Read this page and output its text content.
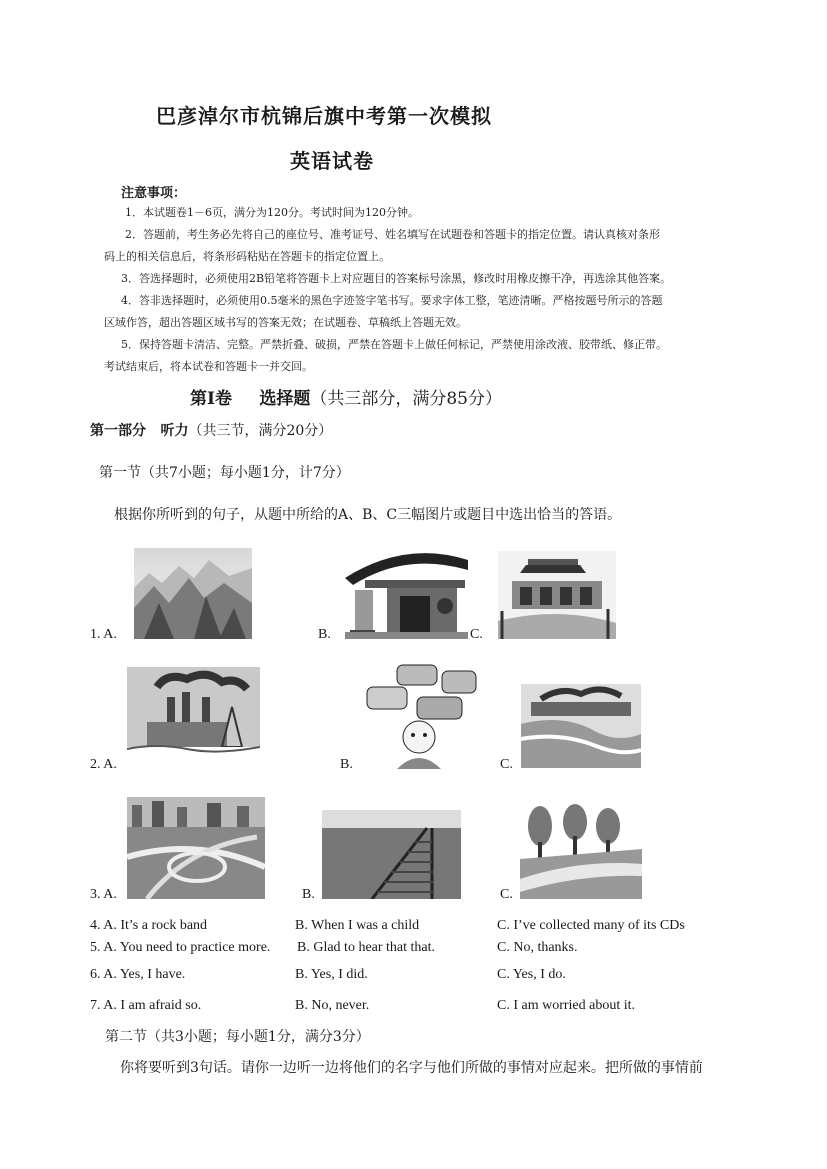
巴彦淖尔市杭锦后旗中考第一次模拟
英语试卷
注意事项：
1．本试题卷1－6页，满分为120分。考试时间为120分钟。
2．答题前，考生务必先将自己的座位号、准考证号、姓名填写在试题卷和答题卡的指定位置。请认真核对条形
码上的相关信息后，将条形码粘贴在答题卡的指定位置上。
3．答选择题时，必须使用2B铅笔将答题卡上对应题目的答案标号涂黑，修改时用橡皮擦干净，再选涂其他答案。
4．答非选择题时，必须使用0.5毫米的黑色字迹签字笔书写。要求字体工整，笔迹清晰。严格按题号所示的答题
区域作答，超出答题区域书写的答案无效；在试题卷、草稿纸上答题无效。
5．保持答题卡清洁、完整。严禁折叠、破损，严禁在答题卡上做任何标记，严禁使用涂改液、胶带纸、修正带。
考试结束后，将本试卷和答题卡一并交回。
第Ⅰ卷 选择题（共三部分，满分85分）
第一部分 听力（共三节，满分20分）
第一节（共7小题；每小题1分，计7分）
根据你所听到的句子，从题中所给的A、B、C三幅图片或题目中选出恰当的答语。
1. A.	B.	C.
2. A.	B.	C.
3. A.	B.	C.
4. A. It’s a rock band	B. When I was a child	C. I’ve collected many of its CDs
5. A. You need to practice more. B. Glad to hear that that.	C. No, thanks.
6. A. Yes, I have.	B. Yes, I did.	C. Yes, I do.
7. A. I am afraid so.	B. No, never.	C. I am worried about it.
第二节（共3小题；每小题1分，满分3分）
你将要听到3句话。请你一边听一边将他们的名字与他们所做的事情对应起来。把所做的事情前
